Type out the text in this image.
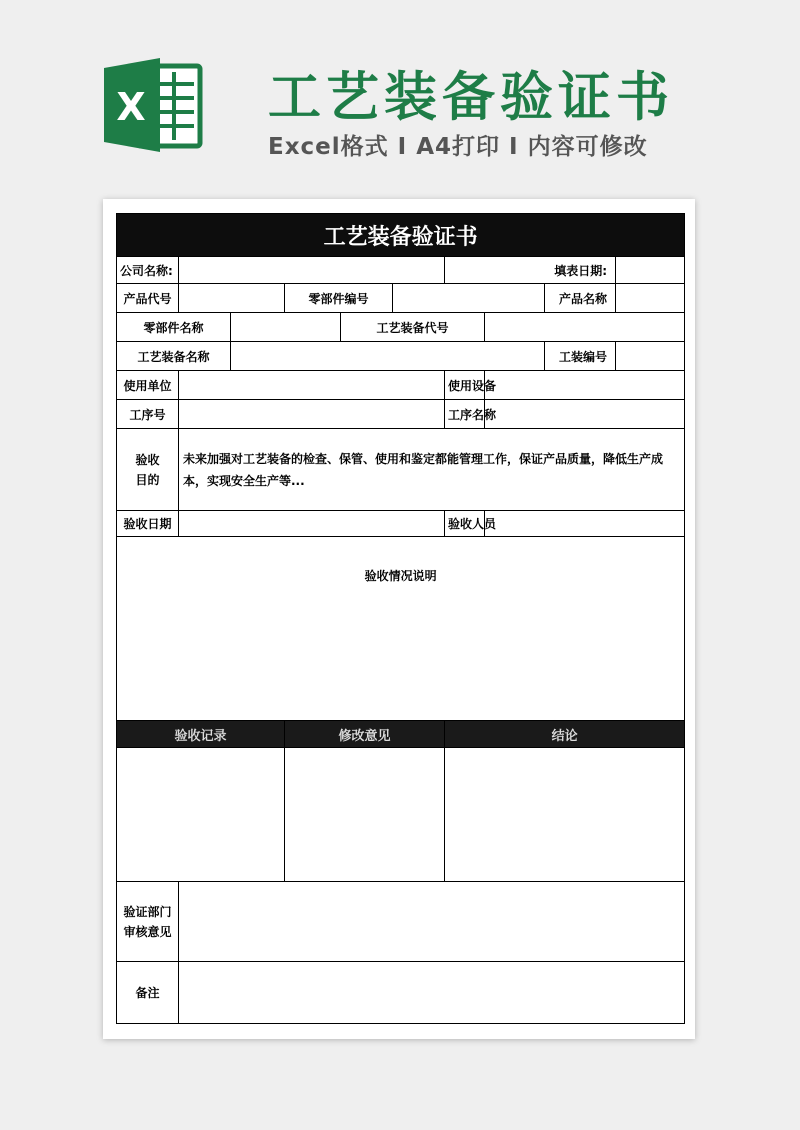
X 工艺装备验证书
Excel格式 I A4打印 I 内容可修改
工艺装备验证书									
公司名称:						填表日期:			
产品代号			零部件编号					产品名称	
零部件名称				工艺装备代号					
工艺装备名称								工装编号	
使用单位						使用设备			
工序号						工序名称			
验收目的	未来加强对工艺装备的检查、保管、使用和鉴定都能管理工作，保证产品质量，降低生产成本，实现安全生产等...								
验收日期						验收人员			
验收情况说明									
验收记录			修改意见			结论			

验证部门审核意见									
备注									
